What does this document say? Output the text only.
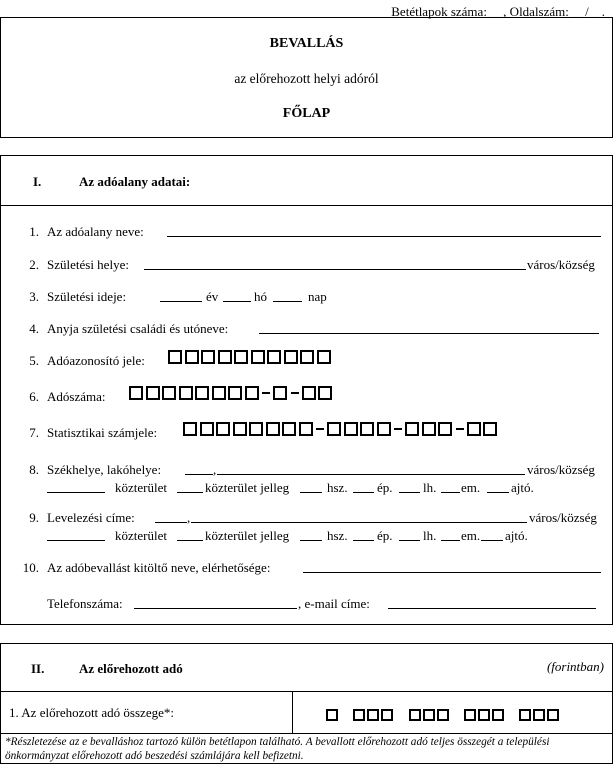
Betétlapok száma: __, Oldalszám: __/__.
BEVALLÁS
az előrehozott helyi adóról
FŐLAP
I.	Az adóalany adatai:
1. Az adóalany neve:
2. Születési helye:	város/község
3. Születési ideje:	év	hó	nap
4. Anyja születési családi és utóneve:
5. Adóazonosító jele:
6. Adószáma:
7. Statisztikai számjele:
8. Székhelye, lakóhelye:	,	város/község
közterület	közterület jelleg	hsz. ép. lh. em. ajtó.
9. Levelezési címe:	,	város/község
közterület	közterület jelleg	hsz. ép. lh. em. ajtó.
10. Az adóbevallást kitöltő neve, elérhetősége:
Telefonszáma:	, e-mail címe:
II.	Az előrehozott adó	(forintban)
1. Az előrehozott adó összege*:

*Részletezése az e bevalláshoz tartozó külön betétlapon található. A bevallott előrehozott adó teljes összegét a települési önkormányzat előrehozott adó beszedési számlájára kell befizetni.
